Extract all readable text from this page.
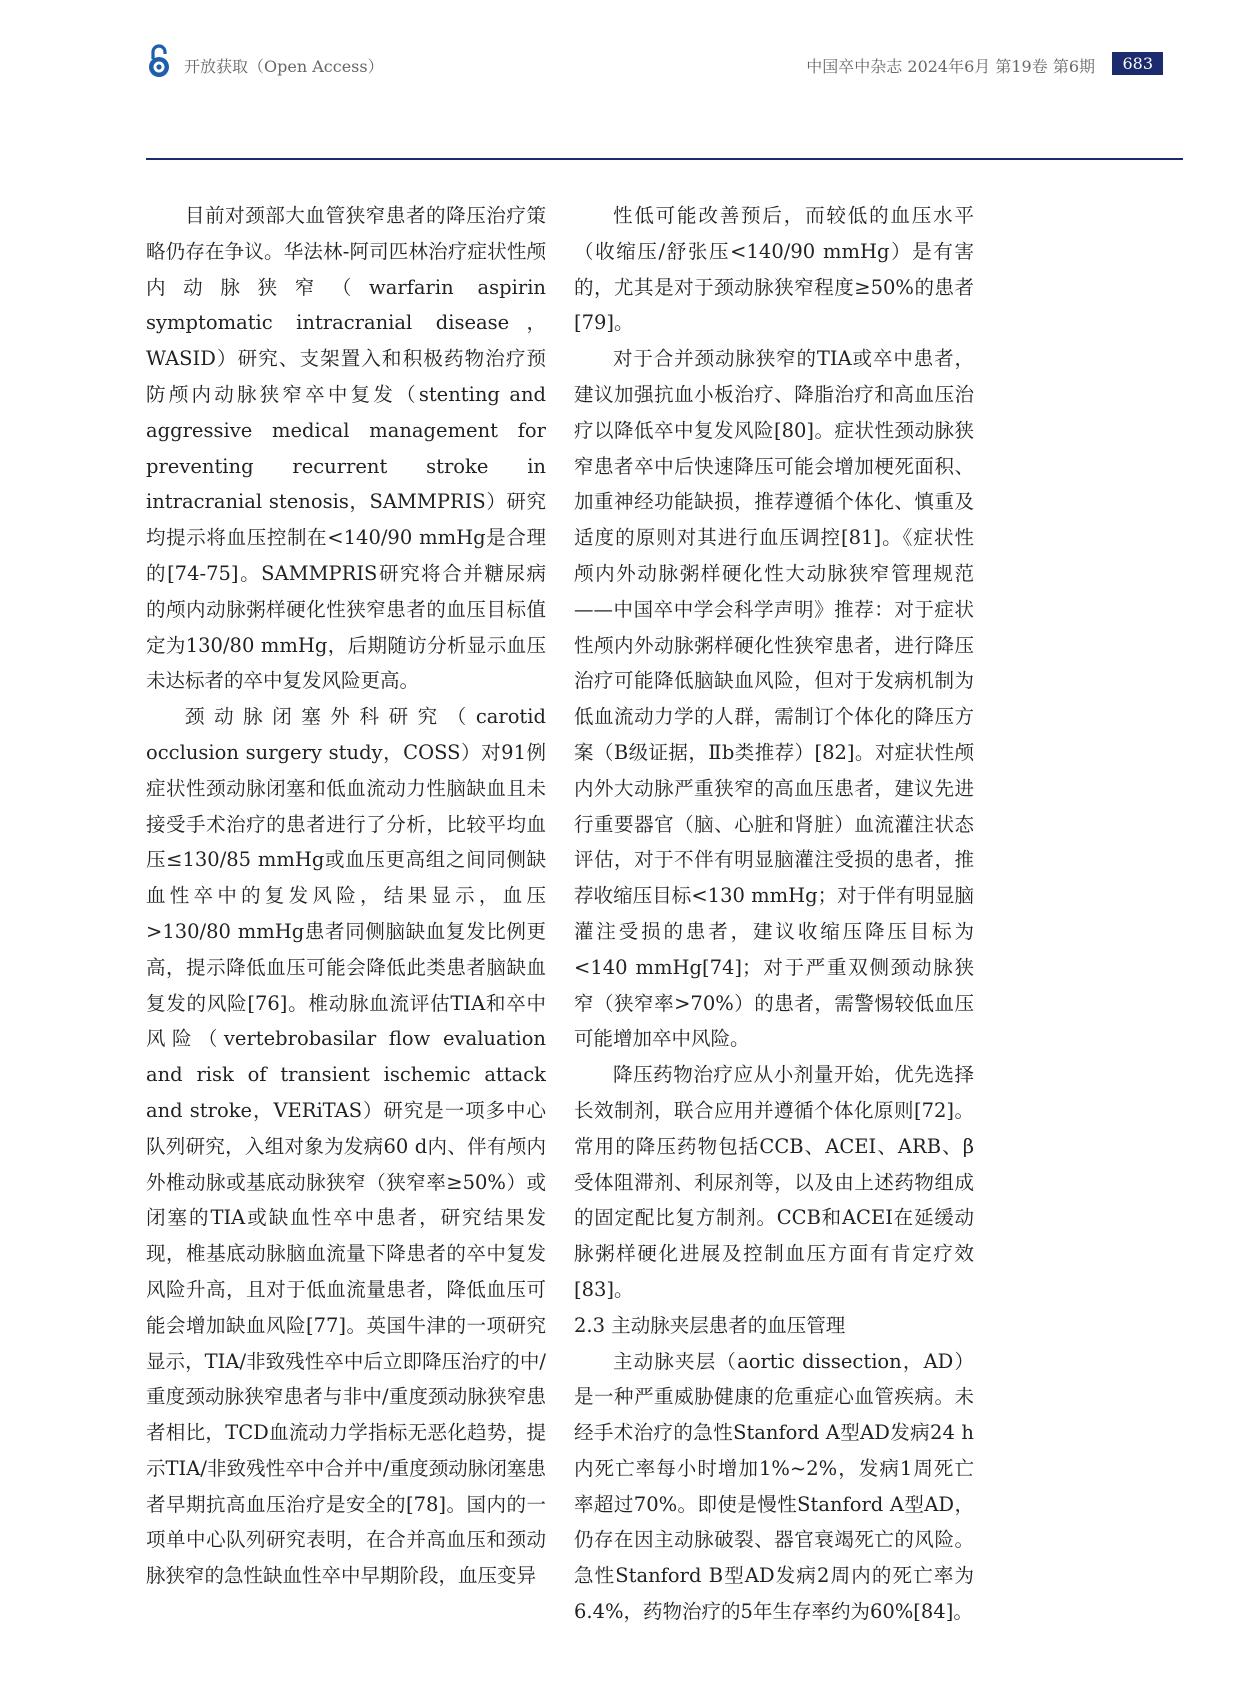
开放获取（Open Access）	中国卒中杂志 2024年6月 第19卷 第6期	683

目前对颈部大血管狭窄患者的降压治疗策略仍存在争议。华法林-阿司匹林治疗症状性颅内动脉狭窄（warfarin aspirin symptomatic intracranial disease，WASID）研究、支架置入和积极药物治疗预防颅内动脉狭窄卒中复发（stenting and aggressive medical management for preventing recurrent stroke in intracranial stenosis，SAMMPRIS）研究均提示将血压控制在<140/90 mmHg是合理的[74-75]。SAMMPRIS研究将合并糖尿病的颅内动脉粥样硬化性狭窄患者的血压目标值定为130/80 mmHg，后期随访分析显示血压未达标者的卒中复发风险更高。

颈动脉闭塞外科研究（carotid occlusion surgery study，COSS）对91例症状性颈动脉闭塞和低血流动力性脑缺血且未接受手术治疗的患者进行了分析，比较平均血压≤130/85 mmHg或血压更高组之间同侧缺血性卒中的复发风险，结果显示，血压>130/80 mmHg患者同侧脑缺血复发比例更高，提示降低血压可能会降低此类患者脑缺血复发的风险[76]。椎动脉血流评估TIA和卒中风险（vertebrobasilar flow evaluation and risk of transient ischemic attack and stroke，VERiTAS）研究是一项多中心队列研究，入组对象为发病60 d内、伴有颅内外椎动脉或基底动脉狭窄（狭窄率≥50%）或闭塞的TIA或缺血性卒中患者，研究结果发现，椎基底动脉脑血流量下降患者的卒中复发风险升高，且对于低血流量患者，降低血压可能会增加缺血风险[77]。英国牛津的一项研究显示，TIA/非致残性卒中后立即降压治疗的中/重度颈动脉狭窄患者与非中/重度颈动脉狭窄患者相比，TCD血流动力学指标无恶化趋势，提示TIA/非致残性卒中合并中/重度颈动脉闭塞患者早期抗高血压治疗是安全的[78]。国内的一项单中心队列研究表明，在合并高血压和颈动脉狭窄的急性缺血性卒中早期阶段，血压变异

性低可能改善预后，而较低的血压水平（收缩压/舒张压<140/90 mmHg）是有害的，尤其是对于颈动脉狭窄程度≥50%的患者[79]。

对于合并颈动脉狭窄的TIA或卒中患者，建议加强抗血小板治疗、降脂治疗和高血压治疗以降低卒中复发风险[80]。症状性颈动脉狭窄患者卒中后快速降压可能会增加梗死面积、加重神经功能缺损，推荐遵循个体化、慎重及适度的原则对其进行血压调控[81]。《症状性颅内外动脉粥样硬化性大动脉狭窄管理规范——中国卒中学会科学声明》推荐：对于症状性颅内外动脉粥样硬化性狭窄患者，进行降压治疗可能降低脑缺血风险，但对于发病机制为低血流动力学的人群，需制订个体化的降压方案（B级证据，Ⅱb类推荐）[82]。对症状性颅内外大动脉严重狭窄的高血压患者，建议先进行重要器官（脑、心脏和肾脏）血流灌注状态评估，对于不伴有明显脑灌注受损的患者，推荐收缩压目标<130 mmHg；对于伴有明显脑灌注受损的患者，建议收缩压降压目标为<140 mmHg[74]；对于严重双侧颈动脉狭窄（狭窄率>70%）的患者，需警惕较低血压可能增加卒中风险。

降压药物治疗应从小剂量开始，优先选择长效制剂，联合应用并遵循个体化原则[72]。常用的降压药物包括CCB、ACEI、ARB、β受体阻滞剂、利尿剂等，以及由上述药物组成的固定配比复方制剂。CCB和ACEI在延缓动脉粥样硬化进展及控制血压方面有肯定疗效[83]。

2.3 主动脉夹层患者的血压管理

主动脉夹层（aortic dissection，AD）是一种严重威胁健康的危重症心血管疾病。未经手术治疗的急性Stanford A型AD发病24 h内死亡率每小时增加1%~2%，发病1周死亡率超过70%。即使是慢性Stanford A型AD，仍存在因主动脉破裂、器官衰竭死亡的风险。急性Stanford B型AD发病2周内的死亡率为6.4%，药物治疗的5年生存率约为60%[84]。
